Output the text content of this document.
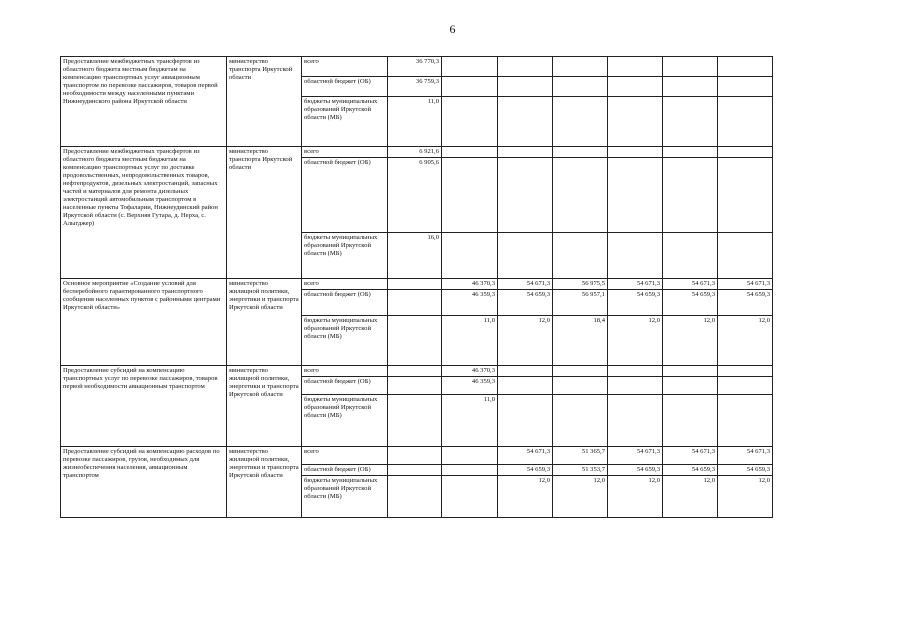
6
Предоставление межбюджетных трансфертов из областного бюджета местным бюджетам на компенсацию транспортных услуг авиационным транспортом по перевозке пассажиров, товаров первой необходимости между населенными пунктами Нижнеудинского района Иркутской области	министерство транспорта Иркутской области	всего	36 770,3						
		областной бюджет (ОБ)	36 759,3						
		бюджеты муниципальных образований Иркутской области (МБ)	11,0						
Предоставление межбюджетных трансфертов из областного бюджета местным бюджетам на компенсацию транспортных услуг по доставке продовольственных, непродовольственных товаров, нефтепродуктов, дизельных электростанций, запасных частей и материалов для ремонта дизельных электростанций автомобильным транспортом в населенные пункты Тофаларии, Нижнеудинский район Иркутской области (с. Верхняя Гутара, д. Нерха, с. Алыгджер)	министерство транспорта Иркутской области	всего	6 921,6						
		областной бюджет (ОБ)	6 905,6						
		бюджеты муниципальных образований Иркутской области (МБ)	16,0						
Основное мероприятие «Создание условий для бесперебойного гарантированного транспортного сообщения населенных пунктов с районными центрами Иркутской области»	министерство жилищной политики, энергетики и транспорта Иркутской области	всего		46 370,3	54 671,3	56 975,5	54 671,3	54 671,3	54 671,3
		областной бюджет (ОБ)		46 359,3	54 659,3	56 957,1	54 659,3	54 659,3	54 659,3
		бюджеты муниципальных образований Иркутской области (МБ)		11,0	12,0	18,4	12,0	12,0	12,0
Предоставление субсидий на компенсацию транспортных услуг по перевозке пассажиров, товаров первой необходимости авиационным транспортом	министерство жилищной политики, энергетики и транспорта Иркутской области	всего		46 370,3					
		областной бюджет (ОБ)		46 359,3					
		бюджеты муниципальных образований Иркутской области (МБ)		11,0					
Предоставление субсидий на компенсацию расходов по перевозке пассажиров, грузов, необходимых для жизнеобеспечения населения, авиационным транспортом	министерство жилищной политики, энергетики и транспорта Иркутской области	всего			54 671,3	51 365,7	54 671,3	54 671,3	54 671,3
		областной бюджет (ОБ)			54 659,3	51 353,7	54 659,3	54 659,3	54 659,3
		бюджеты муниципальных образований Иркутской области (МБ)			12,0	12,0	12,0	12,0	12,0
